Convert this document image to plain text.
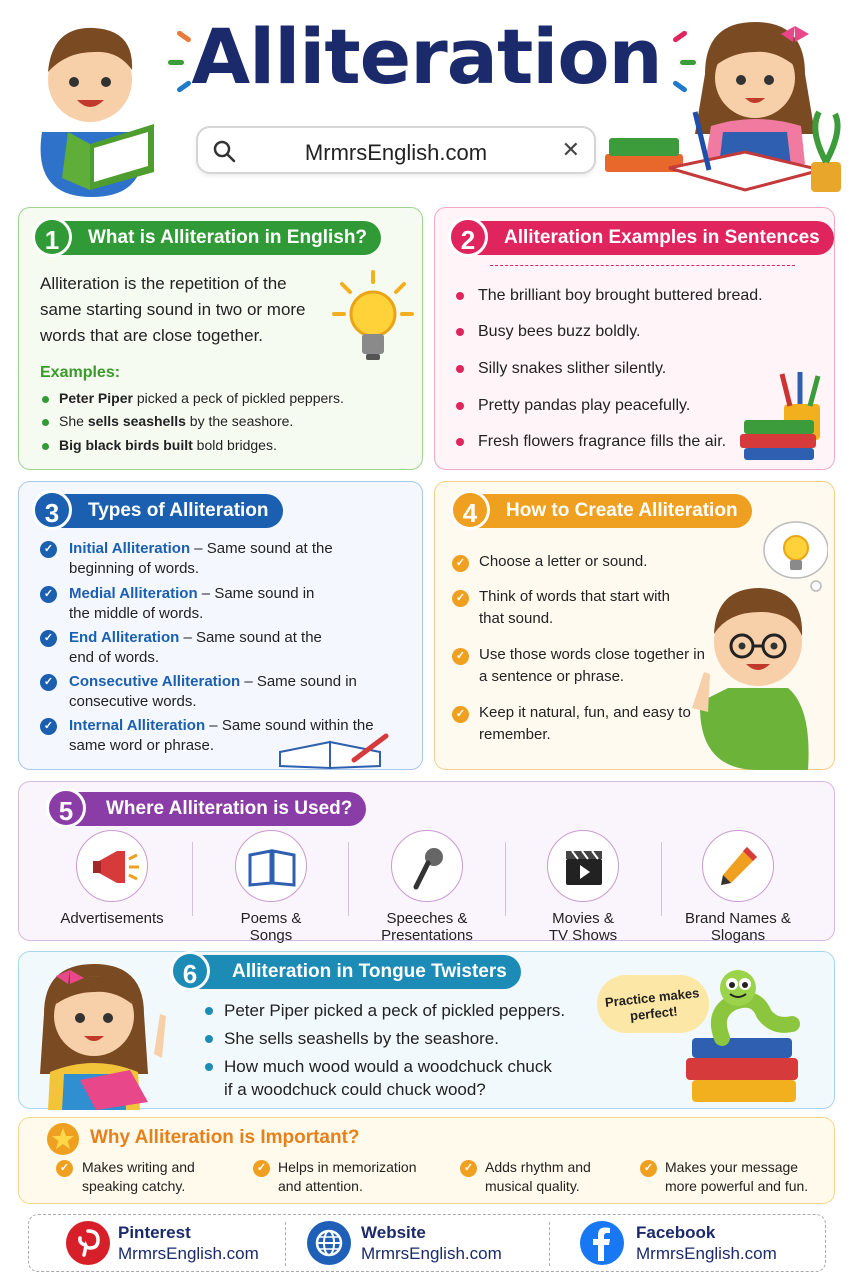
Alliteration
MrmrsEnglish.com	✕
What is Alliteration in English?
1
Alliteration is the repetition of the same starting sound in two or more words that are close together.
Examples:
Peter Piper picked a peck of pickled peppers.
She sells seashells by the seashore.
Big black birds built bold bridges.
Alliteration Examples in Sentences
2
The brilliant boy brought buttered bread.
Busy bees buzz boldly.
Silly snakes slither silently.
Pretty pandas play peacefully.
Fresh flowers fragrance fills the air.
Types of Alliteration
3
✓ Initial Alliteration – Same sound at the beginning of words.
✓ Medial Alliteration – Same sound in the middle of words.
✓ End Alliteration – Same sound at the end of words.
✓ Consecutive Alliteration – Same sound in consecutive words.
✓ Internal Alliteration – Same sound within the same word or phrase.
How to Create Alliteration
4
✓ Choose a letter or sound.
✓ Think of words that start with that sound.
✓ Use those words close together in a sentence or phrase.
✓ Keep it natural, fun, and easy to remember.
Where Alliteration is Used?
5
Advertisements	Poems & Songs
Speeches & Presentations
Movies & TV Shows
Brand Names & Slogans
Alliteration in Tongue Twisters
6
Peter Piper picked a peck of pickled peppers.
She sells seashells by the seashore.
How much wood would a woodchuck chuck if a woodchuck could chuck wood?
Practice makes perfect!
Why Alliteration is Important?
✓ Makes writing and speaking catchy.
✓ Helps in memorization and attention.
✓ Adds rhythm and musical quality.
✓ Makes your message more powerful and fun.
Pinterest
MrmrsEnglish.com
Website
MrmrsEnglish.com
Facebook
MrmrsEnglish.com
